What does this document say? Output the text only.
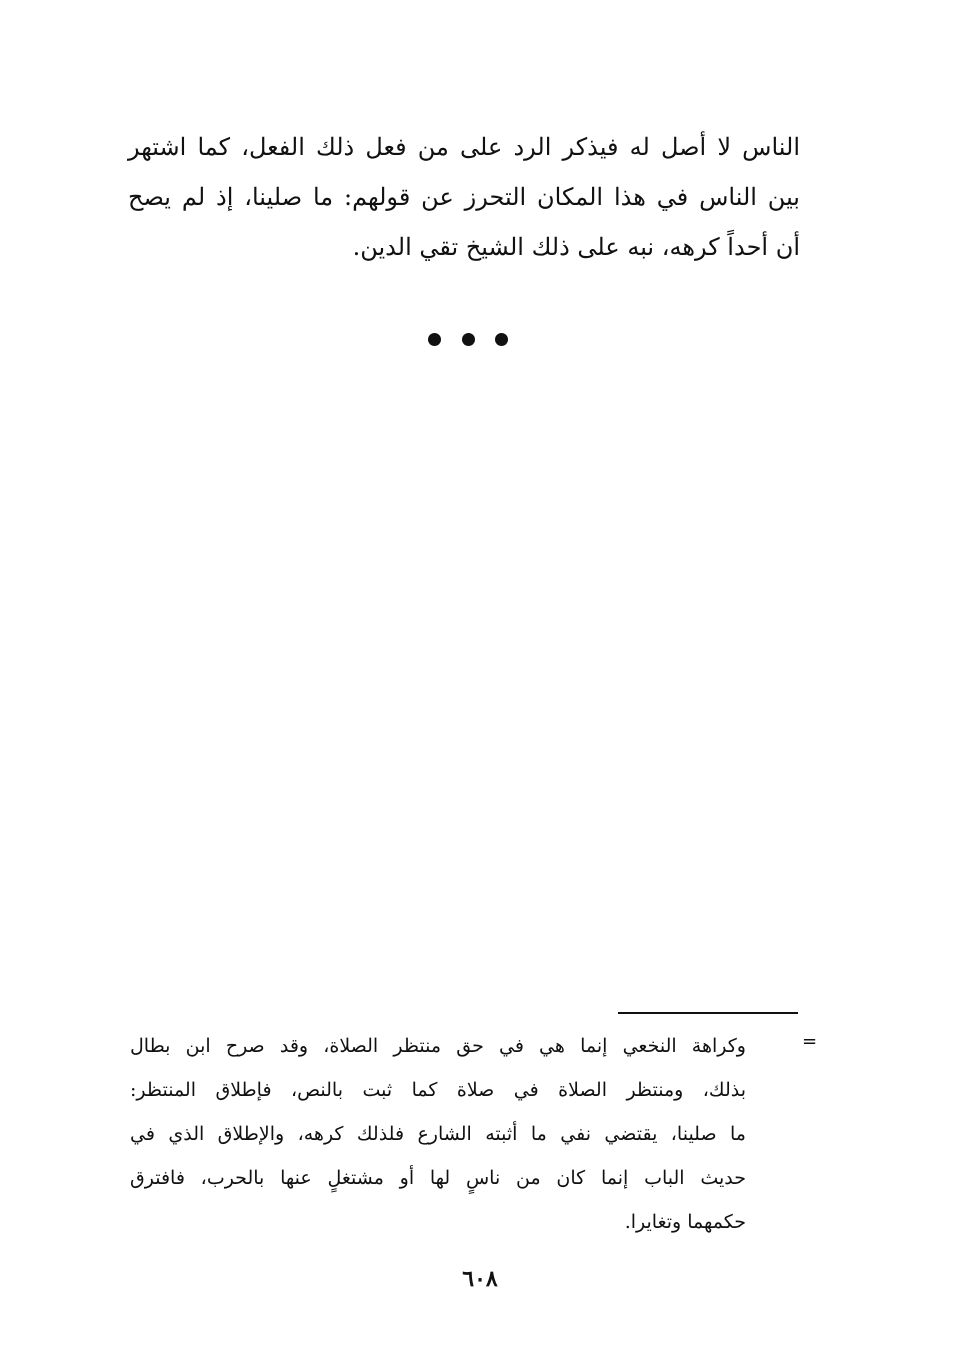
الناس لا أصل له فيذكر الرد على من فعل ذلك الفعل، كما اشتهر
بين الناس في هذا المكان التحرز عن قولهم: ما صلينا، إذ لم يصح
أن أحداً كرهه، نبه على ذلك الشيخ تقي الدين.
=
وكراهة النخعي إنما هي في حق منتظر الصلاة، وقد صرح ابن بطال
بذلك، ومنتظر الصلاة في صلاة كما ثبت بالنص، فإطلاق المنتظر:
ما صلينا، يقتضي نفي ما أثبته الشارع فلذلك كرهه، والإطلاق الذي في
حديث الباب إنما كان من ناسٍ لها أو مشتغلٍ عنها بالحرب، فافترق
حكمهما وتغايرا.
٦٠٨
